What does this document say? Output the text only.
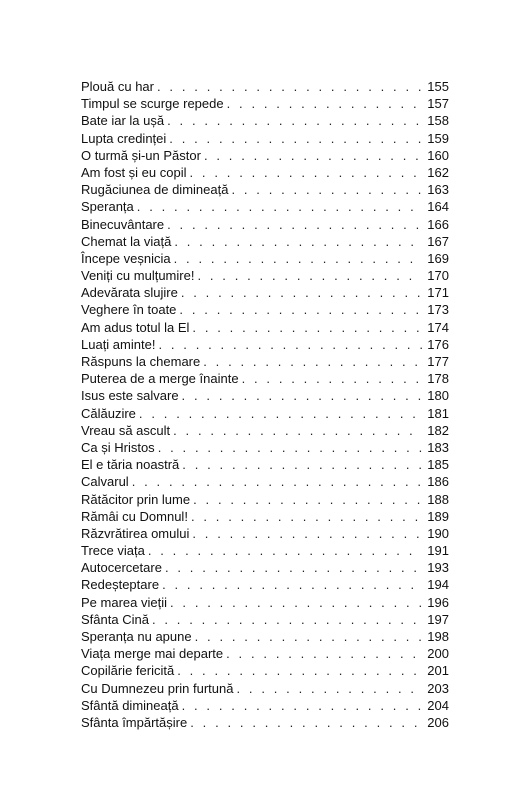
Plouă cu har . . .	155
Timpul se scurge repede . . .	157
Bate iar la ușă . . .	158
Lupta credinței . . .	159
O turmă și-un Păstor . . .	160
Am fost și eu copil . . .	162
Rugăciunea de dimineață . . .	163
Speranța . . .	164
Binecuvântare . . .	166
Chemat la viață . . .	167
Începe veșnicia . . .	169
Veniți cu mulțumire! . . .	170
Adevărata slujire . . .	171
Veghere în toate . . .	173
Am adus totul la El . . .	174
Luați aminte! . . .	176
Răspuns la chemare . . .	177
Puterea de a merge înainte . . .	178
Isus este salvare . . .	180
Călăuzire . . .	181
Vreau să ascult . . .	182
Ca și Hristos . . .	183
El e tăria noastră . . .	185
Calvarul . . .	186
Rătăcitor prin lume . . .	188
Rămâi cu Domnul! . . .	189
Răzvrătirea omului . . .	190
Trece viața . . .	191
Autocercetare . . .	193
Redeșteptare . . .	194
Pe marea vieții . . .	196
Sfânta Cină . . .	197
Speranța nu apune . . .	198
Viața merge mai departe . . .	200
Copilărie fericită . . .	201
Cu Dumnezeu prin furtună . . .	203
Sfântă dimineață . . .	204
Sfânta împărtășire . . .	206
